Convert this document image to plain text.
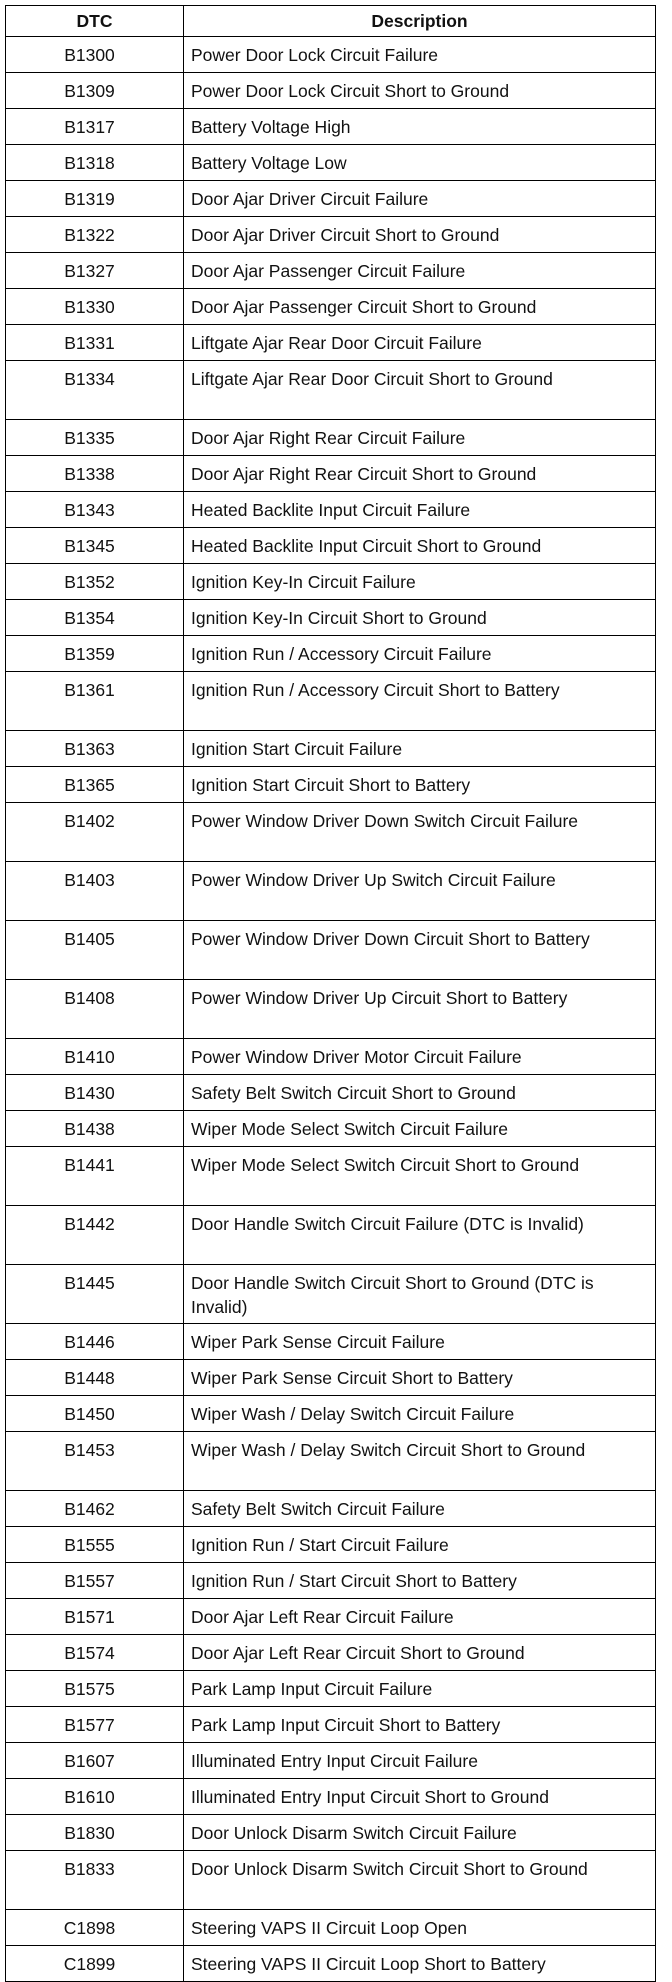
DTC	Description
B1300	Power Door Lock Circuit Failure
B1309	Power Door Lock Circuit Short to Ground
B1317	Battery Voltage High
B1318	Battery Voltage Low
B1319	Door Ajar Driver Circuit Failure
B1322	Door Ajar Driver Circuit Short to Ground
B1327	Door Ajar Passenger Circuit Failure
B1330	Door Ajar Passenger Circuit Short to Ground
B1331	Liftgate Ajar Rear Door Circuit Failure
B1334	Liftgate Ajar Rear Door Circuit Short to Ground
B1335	Door Ajar Right Rear Circuit Failure
B1338	Door Ajar Right Rear Circuit Short to Ground
B1343	Heated Backlite Input Circuit Failure
B1345	Heated Backlite Input Circuit Short to Ground
B1352	Ignition Key-In Circuit Failure
B1354	Ignition Key-In Circuit Short to Ground
B1359	Ignition Run / Accessory Circuit Failure
B1361	Ignition Run / Accessory Circuit Short to Battery
B1363	Ignition Start Circuit Failure
B1365	Ignition Start Circuit Short to Battery
B1402	Power Window Driver Down Switch Circuit Failure
B1403	Power Window Driver Up Switch Circuit Failure
B1405	Power Window Driver Down Circuit Short to Battery
B1408	Power Window Driver Up Circuit Short to Battery
B1410	Power Window Driver Motor Circuit Failure
B1430	Safety Belt Switch Circuit Short to Ground
B1438	Wiper Mode Select Switch Circuit Failure
B1441	Wiper Mode Select Switch Circuit Short to Ground
B1442	Door Handle Switch Circuit Failure (DTC is Invalid)
B1445	Door Handle Switch Circuit Short to Ground (DTC is Invalid)
B1446	Wiper Park Sense Circuit Failure
B1448	Wiper Park Sense Circuit Short to Battery
B1450	Wiper Wash / Delay Switch Circuit Failure
B1453	Wiper Wash / Delay Switch Circuit Short to Ground
B1462	Safety Belt Switch Circuit Failure
B1555	Ignition Run / Start Circuit Failure
B1557	Ignition Run / Start Circuit Short to Battery
B1571	Door Ajar Left Rear Circuit Failure
B1574	Door Ajar Left Rear Circuit Short to Ground
B1575	Park Lamp Input Circuit Failure
B1577	Park Lamp Input Circuit Short to Battery
B1607	Illuminated Entry Input Circuit Failure
B1610	Illuminated Entry Input Circuit Short to Ground
B1830	Door Unlock Disarm Switch Circuit Failure
B1833	Door Unlock Disarm Switch Circuit Short to Ground
C1898	Steering VAPS II Circuit Loop Open
C1899	Steering VAPS II Circuit Loop Short to Battery
